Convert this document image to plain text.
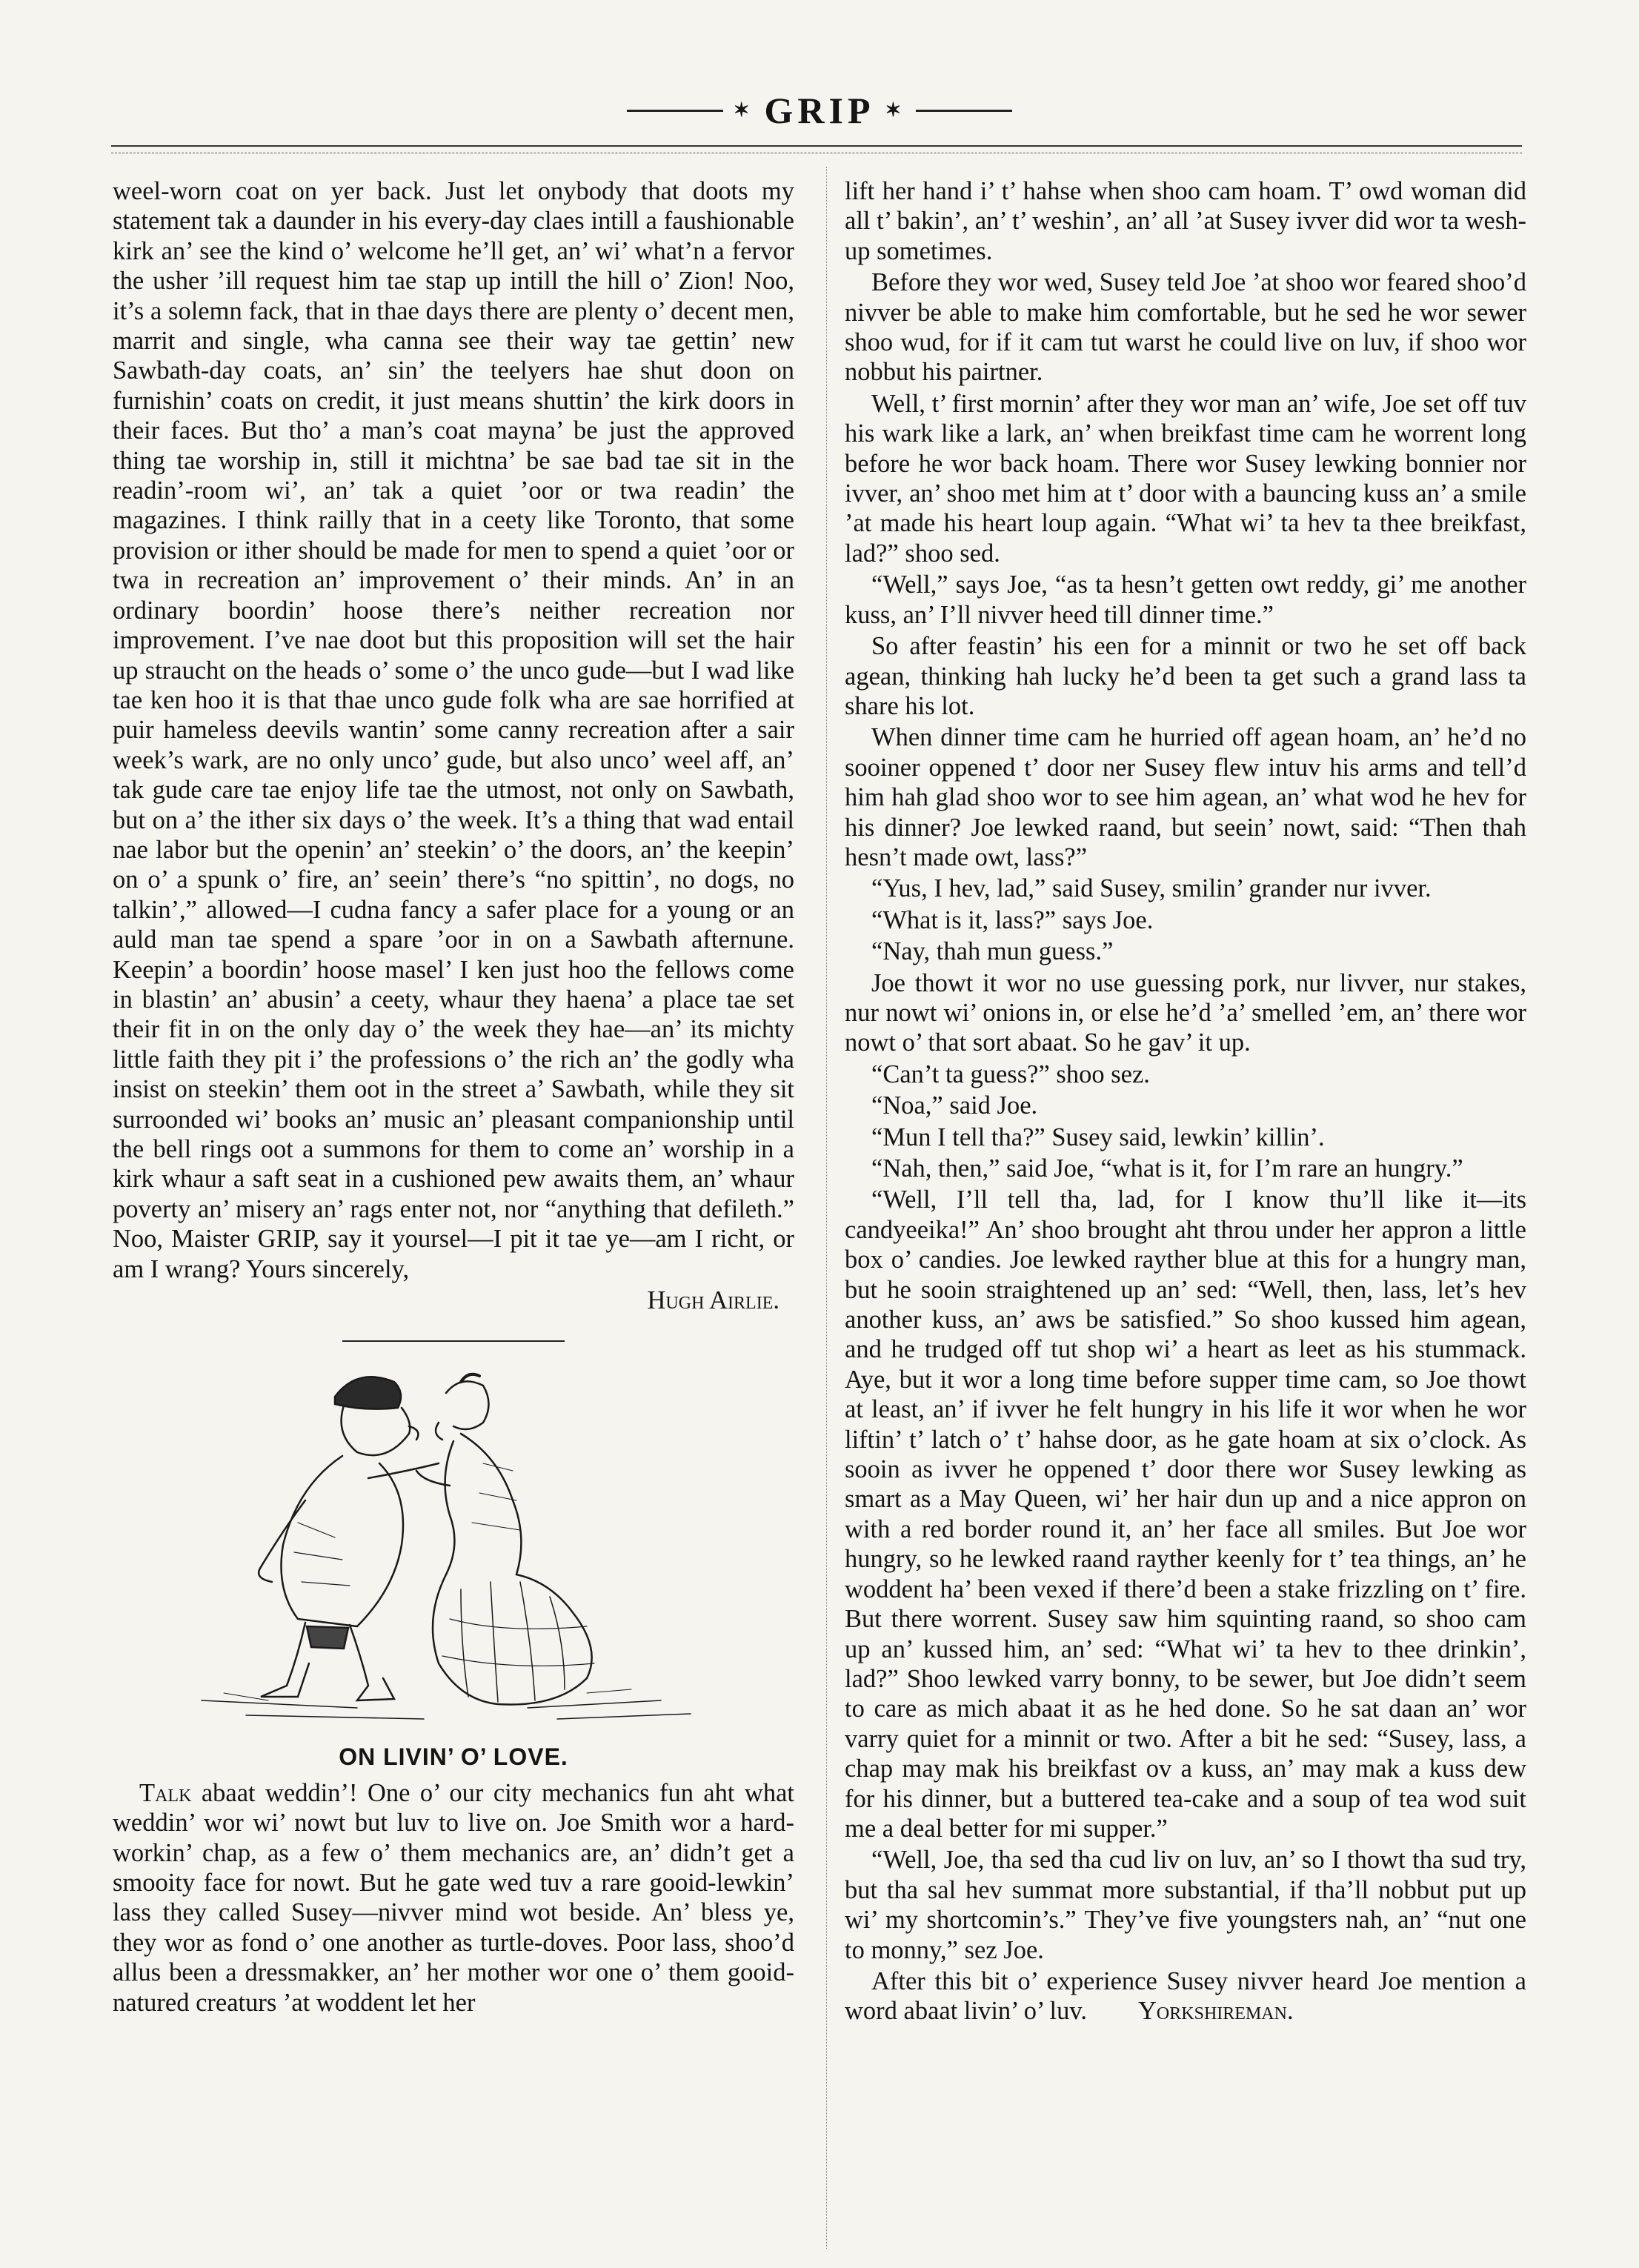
✶ GRIP ✶

weel-worn coat on yer back. Just let onybody that doots my statement tak a daunder in his every-day claes intill a faushionable kirk an’ see the kind o’ welcome he’ll get, an’ wi’ what’n a fervor the usher ’ill request him tae stap up intill the hill o’ Zion! Noo, it’s a solemn fack, that in thae days there are plenty o’ decent men, marrit and single, wha canna see their way tae gettin’ new Sawbath-day coats, an’ sin’ the teelyers hae shut doon on furnishin’ coats on credit, it just means shuttin’ the kirk doors in their faces. But tho’ a man’s coat mayna’ be just the approved thing tae worship in, still it michtna’ be sae bad tae sit in the readin’-room wi’, an’ tak a quiet ’oor or twa readin’ the magazines. I think railly that in a ceety like Toronto, that some provision or ither should be made for men to spend a quiet ’oor or twa in recreation an’ improvement o’ their minds. An’ in an ordinary boordin’ hoose there’s neither recreation nor improvement. I’ve nae doot but this proposition will set the hair up straucht on the heads o’ some o’ the unco gude—but I wad like tae ken hoo it is that thae unco gude folk wha are sae horrified at puir hameless deevils wantin’ some canny recreation after a sair week’s wark, are no only unco’ gude, but also unco’ weel aff, an’ tak gude care tae enjoy life tae the utmost, not only on Sawbath, but on a’ the ither six days o’ the week. It’s a thing that wad entail nae labor but the openin’ an’ steekin’ o’ the doors, an’ the keepin’ on o’ a spunk o’ fire, an’ seein’ there’s “no spittin’, no dogs, no talkin’,” allowed—I cudna fancy a safer place for a young or an auld man tae spend a spare ’oor in on a Sawbath afternune. Keepin’ a boordin’ hoose masel’ I ken just hoo the fellows come in blastin’ an’ abusin’ a ceety, whaur they haena’ a place tae set their fit in on the only day o’ the week they hae—an’ its michty little faith they pit i’ the professions o’ the rich an’ the godly wha insist on steekin’ them oot in the street a’ Sawbath, while they sit surroonded wi’ books an’ music an’ pleasant companionship until the bell rings oot a summons for them to come an’ worship in a kirk whaur a saft seat in a cushioned pew awaits them, an’ whaur poverty an’ misery an’ rags enter not, nor “anything that defileth.” Noo, Maister GRIP, say it yoursel—I pit it tae ye—am I richt, or am I wrang? Yours sincerely,

Hugh Airlie.
ON LIVIN’ O’ LOVE.

Talk abaat weddin’! One o’ our city mechanics fun aht what weddin’ wor wi’ nowt but luv to live on. Joe Smith wor a hard-workin’ chap, as a few o’ them mechanics are, an’ didn’t get a smooity face for nowt. But he gate wed tuv a rare gooid-lewkin’ lass they called Susey—nivver mind wot beside. An’ bless ye, they wor as fond o’ one another as turtle-doves. Poor lass, shoo’d allus been a dressmakker, an’ her mother wor one o’ them gooid-natured creaturs ’at woddent let her

lift her hand i’ t’ hahse when shoo cam hoam. T’ owd woman did all t’ bakin’, an’ t’ weshin’, an’ all ’at Susey ivver did wor ta wesh-up sometimes.

Before they wor wed, Susey teld Joe ’at shoo wor feared shoo’d nivver be able to make him comfortable, but he sed he wor sewer shoo wud, for if it cam tut warst he could live on luv, if shoo wor nobbut his pairtner.

Well, t’ first mornin’ after they wor man an’ wife, Joe set off tuv his wark like a lark, an’ when breikfast time cam he worrent long before he wor back hoam. There wor Susey lewking bonnier nor ivver, an’ shoo met him at t’ door with a bauncing kuss an’ a smile ’at made his heart loup again. “What wi’ ta hev ta thee breikfast, lad?” shoo sed.

“Well,” says Joe, “as ta hesn’t getten owt reddy, gi’ me another kuss, an’ I’ll nivver heed till dinner time.”

So after feastin’ his een for a minnit or two he set off back agean, thinking hah lucky he’d been ta get such a grand lass ta share his lot.

When dinner time cam he hurried off agean hoam, an’ he’d no sooiner oppened t’ door ner Susey flew intuv his arms and tell’d him hah glad shoo wor to see him agean, an’ what wod he hev for his dinner? Joe lewked raand, but seein’ nowt, said: “Then thah hesn’t made owt, lass?”

“Yus, I hev, lad,” said Susey, smilin’ grander nur ivver.

“What is it, lass?” says Joe.

“Nay, thah mun guess.”

Joe thowt it wor no use guessing pork, nur livver, nur stakes, nur nowt wi’ onions in, or else he’d ’a’ smelled ’em, an’ there wor nowt o’ that sort abaat. So he gav’ it up.

“Can’t ta guess?” shoo sez.

“Noa,” said Joe.

“Mun I tell tha?” Susey said, lewkin’ killin’.

“Nah, then,” said Joe, “what is it, for I’m rare an hungry.”

“Well, I’ll tell tha, lad, for I know thu’ll like it—its candyeeika!” An’ shoo brought aht throu under her appron a little box o’ candies. Joe lewked rayther blue at this for a hungry man, but he sooin straightened up an’ sed: “Well, then, lass, let’s hev another kuss, an’ aws be satisfied.” So shoo kussed him agean, and he trudged off tut shop wi’ a heart as leet as his stummack. Aye, but it wor a long time before supper time cam, so Joe thowt at least, an’ if ivver he felt hungry in his life it wor when he wor liftin’ t’ latch o’ t’ hahse door, as he gate hoam at six o’clock. As sooin as ivver he oppened t’ door there wor Susey lewking as smart as a May Queen, wi’ her hair dun up and a nice appron on with a red border round it, an’ her face all smiles. But Joe wor hungry, so he lewked raand rayther keenly for t’ tea things, an’ he woddent ha’ been vexed if there’d been a stake frizzling on t’ fire. But there worrent. Susey saw him squinting raand, so shoo cam up an’ kussed him, an’ sed: “What wi’ ta hev to thee drinkin’, lad?” Shoo lewked varry bonny, to be sewer, but Joe didn’t seem to care as mich abaat it as he hed done. So he sat daan an’ wor varry quiet for a minnit or two. After a bit he sed: “Susey, lass, a chap may mak his breikfast ov a kuss, an’ may mak a kuss dew for his dinner, but a buttered tea-cake and a soup of tea wod suit me a deal better for mi supper.”

“Well, Joe, tha sed tha cud liv on luv, an’ so I thowt tha sud try, but tha sal hev summat more substantial, if tha’ll nobbut put up wi’ my shortcomin’s.” They’ve five youngsters nah, an’ “nut one to monny,” sez Joe.

After this bit o’ experience Susey nivver heard Joe mention a word abaat livin’ o’ luv. Yorkshireman.
